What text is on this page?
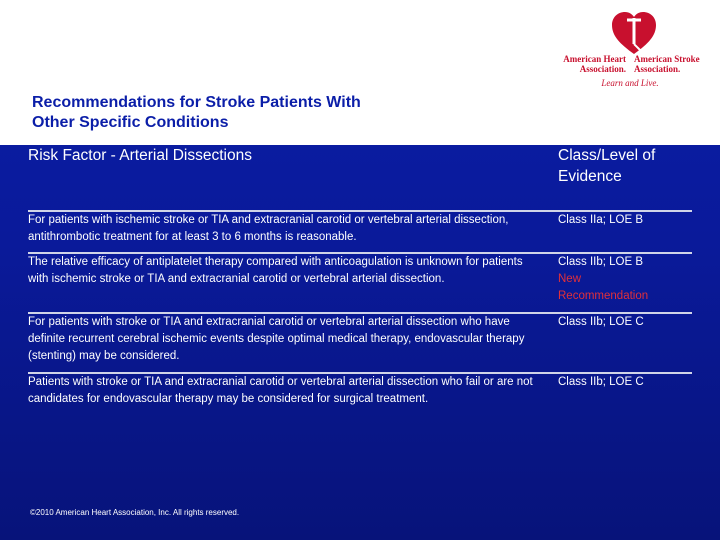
American Heart
Association.
American Stroke
Association.
Learn and Live.
Recommendations for Stroke Patients With
Other Specific Conditions
Risk Factor - Arterial Dissections	Class/Level of
Evidence
For patients with ischemic stroke or TIA and extracranial carotid or vertebral arterial dissection, antithrombotic treatment for at least 3 to 6 months is reasonable.	Class IIa; LOE B
The relative efficacy of antiplatelet therapy compared with anticoagulation is unknown for patients with ischemic stroke or TIA and extracranial carotid or vertebral arterial dissection.	Class IIb; LOE B
New
Recommendation

For patients with stroke or TIA and extracranial carotid or vertebral arterial dissection who have definite recurrent cerebral ischemic events despite optimal medical therapy, endovascular therapy (stenting) may be considered.	Class IIb; LOE C
Patients with stroke or TIA and extracranial carotid or vertebral arterial dissection who fail or are not candidates for endovascular therapy may be considered for surgical treatment.	Class IIb; LOE C
©2010 American Heart Association, Inc. All rights reserved.
